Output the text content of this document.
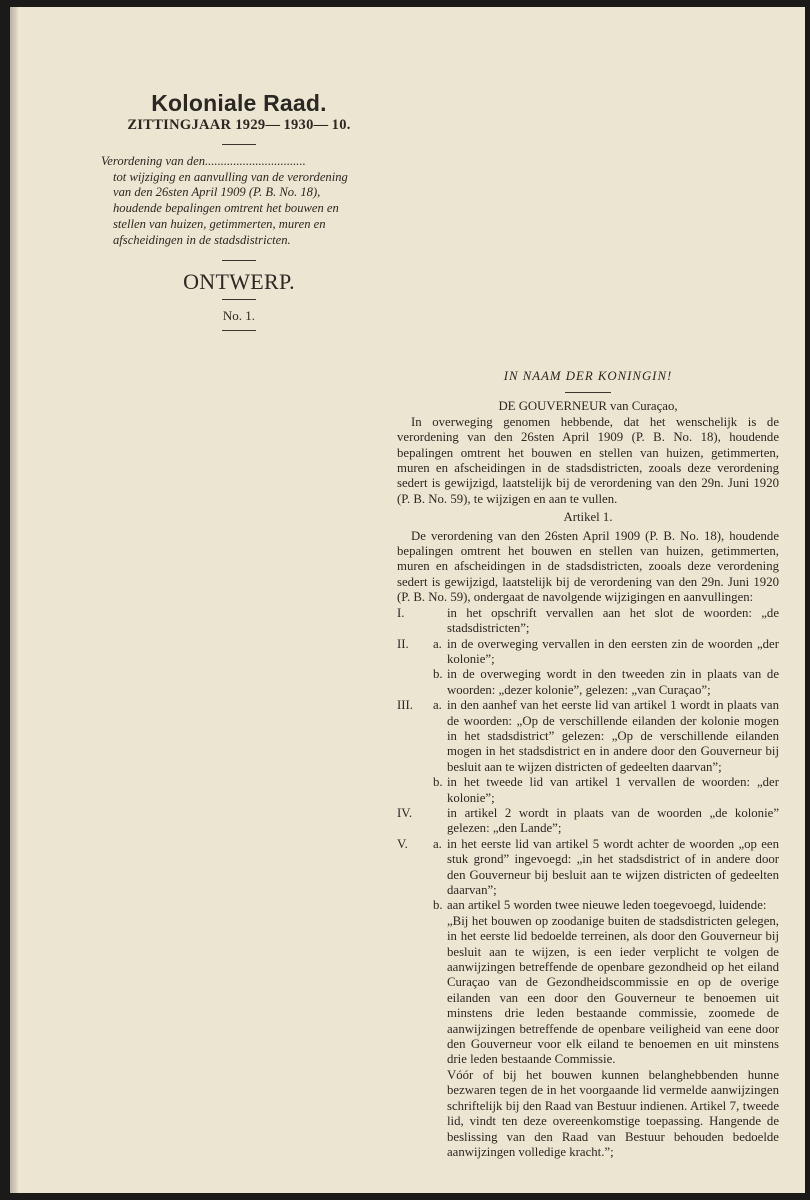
Koloniale Raad.
ZITTINGJAAR 1929— 1930— 10.
Verordening van den................................
tot wijziging en aanvulling van de verordening van den 26sten April 1909 (P. B. No. 18), houdende bepalingen omtrent het bouwen en stellen van huizen, getimmerten, muren en afscheidingen in de stadsdistricten.
ONTWERP.
No. 1.
IN NAAM DER KONINGIN!
DE GOUVERNEUR van Curaçao,
In overweging genomen hebbende, dat het wenschelijk is de verordening van den 26sten April 1909 (P. B. No. 18), houdende bepalingen omtrent het bouwen en stellen van huizen, getimmerten, muren en afscheidingen in de stadsdistricten, zooals deze verordening sedert is gewijzigd, laatstelijk bij de verordening van den 29n. Juni 1920 (P. B. No. 59), te wijzigen en aan te vullen.
Artikel 1.
De verordening van den 26sten April 1909 (P. B. No. 18), houdende bepalingen omtrent het bouwen en stellen van huizen, getimmerten, muren en afscheidingen in de stadsdistricten, zooals deze verordening sedert is gewijzigd, laatstelijk bij de verordening van den 29n. Juni 1920 (P. B. No. 59), ondergaat de navolgende wijzigingen en aanvullingen:
I.	in het opschrift vervallen aan het slot de woorden: „de stadsdistricten”;
II.	a. in de overweging vervallen in den eersten zin de woorden „der kolonie”;
b. in de overweging wordt in den tweeden zin in plaats van de woorden: „dezer kolonie”, gelezen: „van Curaçao”;
III.	a. in den aanhef van het eerste lid van artikel 1 wordt in plaats van de woorden: „Op de verschillende eilanden der kolonie mogen in het stadsdistrict” gelezen: „Op de verschillende eilanden mogen in het stadsdistrict en in andere door den Gouverneur bij besluit aan te wijzen districten of gedeelten daarvan”;
b. in het tweede lid van artikel 1 vervallen de woorden: „der kolonie”;
IV.	in artikel 2 wordt in plaats van de woorden „de kolonie” gelezen: „den Lande”;
V.	a. in het eerste lid van artikel 5 wordt achter de woorden „op een stuk grond” ingevoegd: „in het stadsdistrict of in andere door den Gouverneur bij besluit aan te wijzen districten of gedeelten daarvan”;
b. aan artikel 5 worden twee nieuwe leden toegevoegd, luidende:
„Bij het bouwen op zoodanige buiten de stadsdistricten gelegen, in het eerste lid bedoelde terreinen, als door den Gouverneur bij besluit aan te wijzen, is een ieder verplicht te volgen de aanwijzingen betreffende de openbare gezondheid op het eiland Curaçao van de Gezondheidscommissie en op de overige eilanden van een door den Gouverneur te benoemen uit minstens drie leden bestaande commissie, zoomede de aanwijzingen betreffende de openbare veiligheid van eene door den Gouverneur voor elk eiland te benoemen en uit minstens drie leden bestaande Commissie.
Vóór of bij het bouwen kunnen belanghebbenden hunne bezwaren tegen de in het voorgaande lid vermelde aanwijzingen schriftelijk bij den Raad van Bestuur indienen. Artikel 7, tweede lid, vindt ten deze overeenkomstige toepassing. Hangende de beslissing van den Raad van Bestuur behouden bedoelde aanwijzingen volledige kracht.”;
